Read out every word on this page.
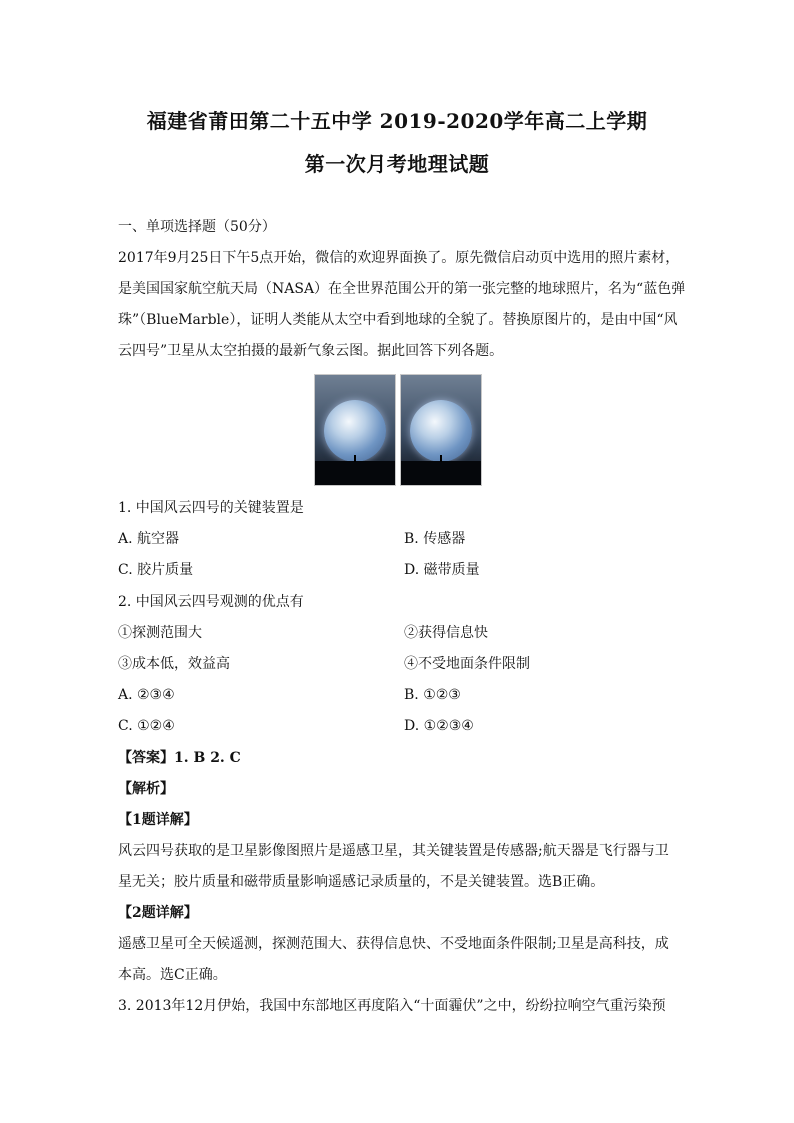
福建省莆田第二十五中学 2019-2020学年高二上学期
第一次月考地理试题
一、单项选择题（50分）
2017年9月25日下午5点开始，微信的欢迎界面换了。原先微信启动页中选用的照片素材，
是美国国家航空航天局（NASA）在全世界范围公开的第一张完整的地球照片，名为“蓝色弹
珠”（BlueMarble），证明人类能从太空中看到地球的全貌了。替换原图片的，是由中国“风
云四号”卫星从太空拍摄的最新气象云图。据此回答下列各题。
1. 中国风云四号的关键装置是
A. 航空器	B. 传感器
C. 胶片质量	D. 磁带质量
2. 中国风云四号观测的优点有
①探测范围大	②获得信息快
③成本低，效益高	④不受地面条件限制
A. ②③④	B. ①②③
C. ①②④	D. ①②③④
【答案】1. B 2. C
【解析】
【1题详解】
风云四号获取的是卫星影像图照片是遥感卫星，其关键装置是传感器;航天器是飞行器与卫
星无关；胶片质量和磁带质量影响遥感记录质量的，不是关键装置。选B正确。
【2题详解】
遥感卫星可全天候遥测，探测范围大、获得信息快、不受地面条件限制;卫星是高科技，成
本高。选C正确。
3. 2013年12月伊始，我国中东部地区再度陷入“十面霾伏”之中，纷纷拉响空气重污染预
